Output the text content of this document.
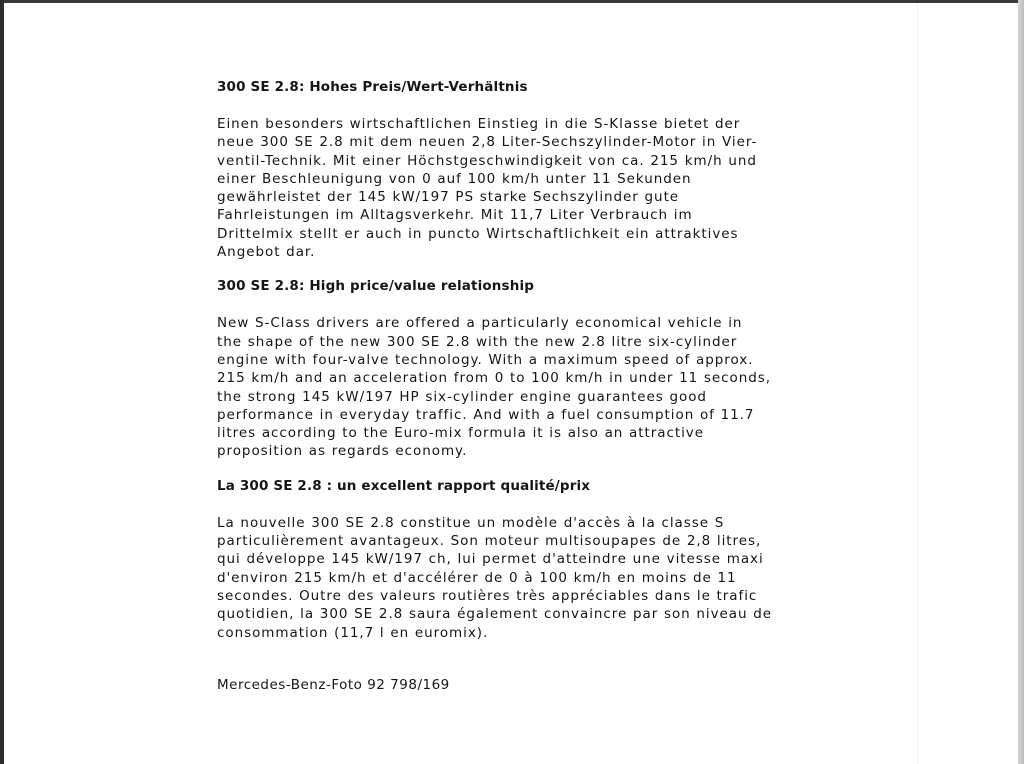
300 SE 2.8: Hohes Preis/Wert-Verhältnis

Einen besonders wirtschaftlichen Einstieg in die S-Klasse bietet der
neue 300 SE 2.8 mit dem neuen 2,8 Liter-Sechszylinder-Motor in Vier-
ventil-Technik. Mit einer Höchstgeschwindigkeit von ca. 215 km/h und
einer Beschleunigung von 0 auf 100 km/h unter 11 Sekunden
gewährleistet der 145 kW/197 PS starke Sechszylinder gute
Fahrleistungen im Alltagsverkehr. Mit 11,7 Liter Verbrauch im
Drittelmix stellt er auch in puncto Wirtschaftlichkeit ein attraktives
Angebot dar.

300 SE 2.8: High price/value relationship

New S-Class drivers are offered a particularly economical vehicle in
the shape of the new 300 SE 2.8 with the new 2.8 litre six-cylinder
engine with four-valve technology. With a maximum speed of approx.
215 km/h and an acceleration from 0 to 100 km/h in under 11 seconds,
the strong 145 kW/197 HP six-cylinder engine guarantees good
performance in everyday traffic. And with a fuel consumption of 11.7
litres according to the Euro-mix formula it is also an attractive
proposition as regards economy.

La 300 SE 2.8 : un excellent rapport qualité/prix

La nouvelle 300 SE 2.8 constitue un modèle d'accès à la classe S
particulièrement avantageux. Son moteur multisoupapes de 2,8 litres,
qui développe 145 kW/197 ch, lui permet d'atteindre une vitesse maxi
d'environ 215 km/h et d'accélérer de 0 à 100 km/h en moins de 11
secondes. Outre des valeurs routières très appréciables dans le trafic
quotidien, la 300 SE 2.8 saura également convaincre par son niveau de
consommation (11,7 l en euromix).

Mercedes-Benz-Foto 92 798/169
